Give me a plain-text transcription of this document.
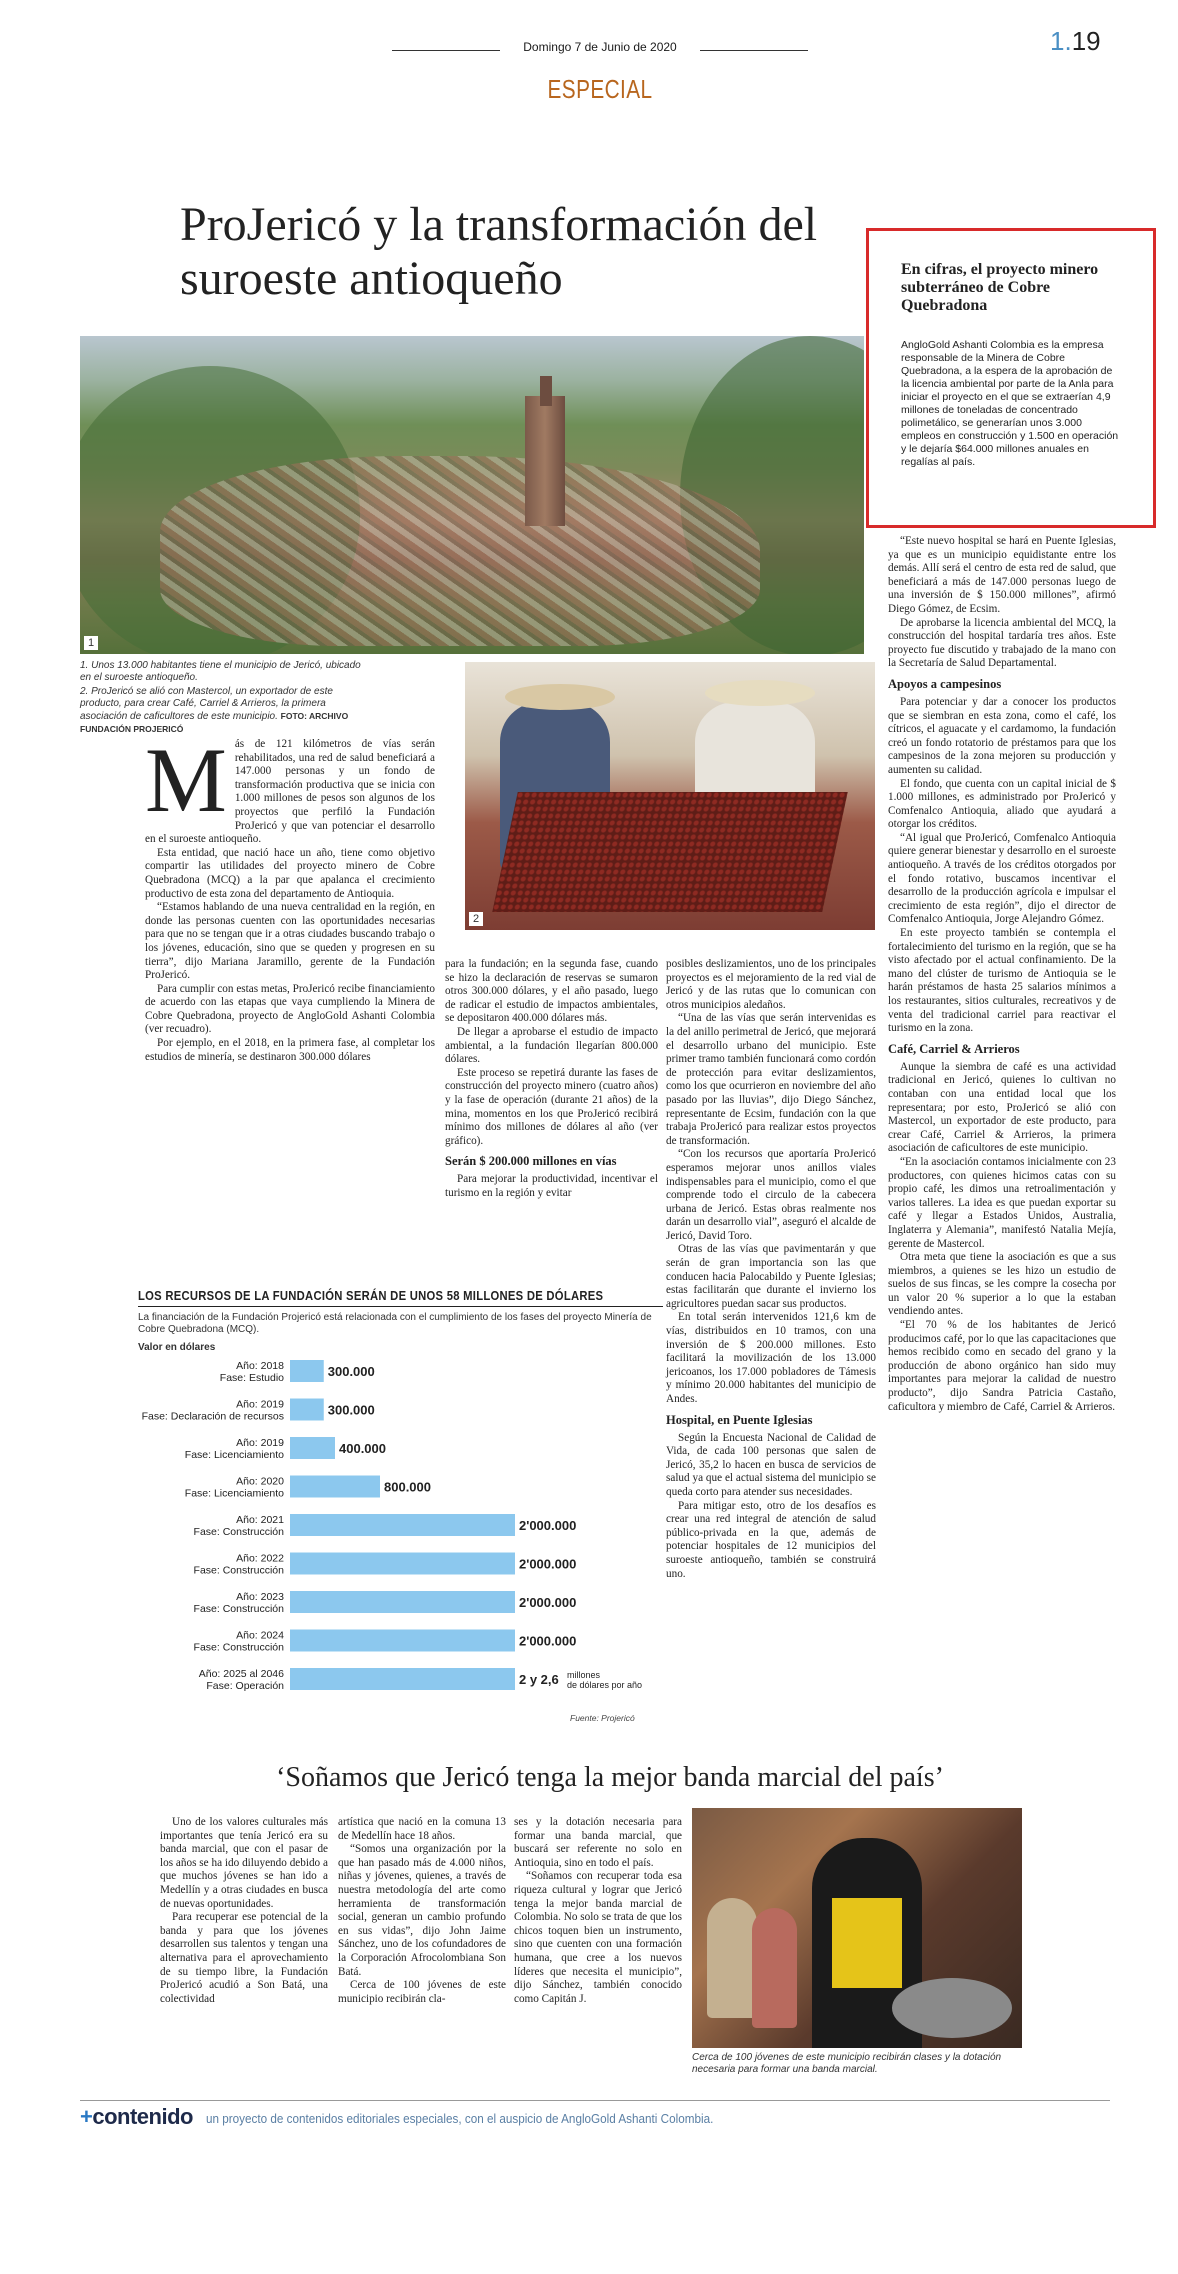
Domingo 7 de Junio de 2020
ESPECIAL
1.19
ProJericó y la transformación del suroeste antioqueño
1
1. Unos 13.000 habitantes tiene el municipio de Jericó, ubicado en el suroeste antioqueño.
2. ProJericó se alió con Mastercol, un exportador de este producto, para crear Café, Carriel & Arrieros, la primera asociación de caficultores de este municipio. FOTO: ARCHIVO FUNDACIÓN PROJERICÓ
2
En cifras, el proyecto minero subterráneo de Cobre Quebradona

AngloGold Ashanti Colombia es la empresa responsable de la Minera de Cobre Quebradona, a la espera de la aprobación de la licencia ambiental por parte de la Anla para iniciar el proyecto en el que se extraerían 4,9 millones de toneladas de concentrado polimetálico, se generarían unos 3.000 empleos en construcción y 1.500 en operación y le dejaría $64.000 millones anuales en regalías al país.

M ás de 121 kilómetros de vías serán rehabilitados, una red de salud beneficiará a 147.000 personas y un fondo de transformación productiva que se inicia con 1.000 millones de pesos son algunos de los proyectos que perfiló la Fundación ProJericó y que van potenciar el desarrollo en el suroeste antioqueño.

Esta entidad, que nació hace un año, tiene como objetivo compartir las utilidades del proyecto minero de Cobre Quebradona (MCQ) a la par que apalanca el crecimiento productivo de esta zona del departamento de Antioquia.

“Estamos hablando de una nueva centralidad en la región, en donde las personas cuenten con las oportunidades necesarias para que no se tengan que ir a otras ciudades buscando trabajo o los jóvenes, educación, sino que se queden y progresen en su tierra”, dijo Mariana Jaramillo, gerente de la Fundación ProJericó.

Para cumplir con estas metas, ProJericó recibe financiamiento de acuerdo con las etapas que vaya cumpliendo la Minera de Cobre Quebradona, proyecto de AngloGold Ashanti Colombia (ver recuadro).

Por ejemplo, en el 2018, en la primera fase, al completar los estudios de minería, se destinaron 300.000 dólares

para la fundación; en la segunda fase, cuando se hizo la declaración de reservas se sumaron otros 300.000 dólares, y el año pasado, luego de radicar el estudio de impactos ambientales, se depositaron 400.000 dólares más.

De llegar a aprobarse el estudio de impacto ambiental, a la fundación llegarían 800.000 dólares.

Este proceso se repetirá durante las fases de construcción del proyecto minero (cuatro años) y la fase de operación (durante 21 años) de la mina, momentos en los que ProJericó recibirá mínimo dos millones de dólares al año (ver gráfico).

Serán $ 200.000 millones en vías

Para mejorar la productividad, incentivar el turismo en la región y evitar

posibles deslizamientos, uno de los principales proyectos es el mejoramiento de la red vial de Jericó y de las rutas que lo comunican con otros municipios aledaños.

“Una de las vías que serán intervenidas es la del anillo perimetral de Jericó, que mejorará el desarrollo urbano del municipio. Este primer tramo también funcionará como cordón de protección para evitar deslizamientos, como los que ocurrieron en noviembre del año pasado por las lluvias”, dijo Diego Sánchez, representante de Ecsim, fundación con la que trabaja ProJericó para realizar estos proyectos de transformación.

“Con los recursos que aportaría ProJericó esperamos mejorar unos anillos viales indispensables para el municipio, como el que comprende todo el circulo de la cabecera urbana de Jericó. Estas obras realmente nos darán un desarrollo vial”, aseguró el alcalde de Jericó, David Toro.

Otras de las vías que pavimentarán y que serán de gran importancia son las que conducen hacia Palocabildo y Puente Iglesias; estas facilitarán que durante el invierno los agricultores puedan sacar sus productos.

En total serán intervenidos 121,6 km de vías, distribuidos en 10 tramos, con una inversión de $ 200.000 millones. Esto facilitará la movilización de los 13.000 jericoanos, los 17.000 pobladores de Támesis y mínimo 20.000 habitantes del municipio de Andes.

Hospital, en Puente Iglesias

Según la Encuesta Nacional de Calidad de Vida, de cada 100 personas que salen de Jericó, 35,2 lo hacen en busca de servicios de salud ya que el actual sistema del municipio se queda corto para atender sus necesidades.

Para mitigar esto, otro de los desafíos es crear una red integral de atención de salud público-privada en la que, además de potenciar hospitales de 12 municipios del suroeste antioqueño, también se construirá uno.

“Este nuevo hospital se hará en Puente Iglesias, ya que es un municipio equidistante entre los demás. Allí será el centro de esta red de salud, que beneficiará a más de 147.000 personas luego de una inversión de $ 150.000 millones”, afirmó Diego Gómez, de Ecsim.

De aprobarse la licencia ambiental del MCQ, la construcción del hospital tardaría tres años. Este proyecto fue discutido y trabajado de la mano con la Secretaría de Salud Departamental.

Apoyos a campesinos

Para potenciar y dar a conocer los productos que se siembran en esta zona, como el café, los cítricos, el aguacate y el cardamomo, la fundación creó un fondo rotatorio de préstamos para que los campesinos de la zona mejoren su producción y aumenten su calidad.

El fondo, que cuenta con un capital inicial de $ 1.000 millones, es administrado por ProJericó y Comfenalco Antioquia, aliado que ayudará a otorgar los créditos.

“Al igual que ProJericó, Comfenalco Antioquia quiere generar bienestar y desarrollo en el suroeste antioqueño. A través de los créditos otorgados por el fondo rotativo, buscamos incentivar el desarrollo de la producción agrícola e impulsar el crecimiento de esta región”, dijo el director de Comfenalco Antioquia, Jorge Alejandro Gómez.

En este proyecto también se contempla el fortalecimiento del turismo en la región, que se ha visto afectado por el actual confinamiento. De la mano del clúster de turismo de Antioquia se le harán préstamos de hasta 25 salarios mínimos a los restaurantes, sitios culturales, recreativos y de venta del tradicional carriel para reactivar el turismo en la zona.

Café, Carriel & Arrieros

Aunque la siembra de café es una actividad tradicional en Jericó, quienes lo cultivan no contaban con una entidad local que los representara; por esto, ProJericó se alió con Mastercol, un exportador de este producto, para crear Café, Carriel & Arrieros, la primera asociación de caficultores de este municipio.

“En la asociación contamos inicialmente con 23 productores, con quienes hicimos catas con su propio café, les dimos una retroalimentación y varios talleres. La idea es que puedan exportar su café y llegar a Estados Unidos, Australia, Inglaterra y Alemania”, manifestó Natalia Mejía, gerente de Mastercol.

Otra meta que tiene la asociación es que a sus miembros, a quienes se les hizo un estudio de suelos de sus fincas, se les compre la cosecha por un valor 20 % superior a lo que la estaban vendiendo antes.

“El 70 % de los habitantes de Jericó producimos café, por lo que las capacitaciones que hemos recibido como en secado del grano y la producción de abono orgánico han sido muy importantes para mejorar la calidad de nuestro producto”, dijo Sandra Patricia Castaño, caficultora y miembro de Café, Carriel & Arrieros.

LOS RECURSOS DE LA FUNDACIÓN SERÁN DE UNOS 58 MILLONES DE DÓLARES
La financiación de la Fundación Projericó está relacionada con el cumplimiento de los fases del proyecto Minería de Cobre Quebradona (MCQ).
Valor en dólares
Año: 2018
Fase: Estudio	300.000
Año: 2019
Fase: Declaración de recursos	300.000
Año: 2019
Fase: Licenciamiento	400.000
Año: 2020
Fase: Licenciamiento	800.000
Año: 2021
Fase: Construcción	2'000.000
Año: 2022
Fase: Construcción	2'000.000
Año: 2023
Fase: Construcción	2'000.000
Año: 2024
Fase: Construcción	2'000.000
Año: 2025 al 2046
Fase: Operación	2 y 2,6 millones
de dólares por año
Fuente: Projericó
‘Soñamos que Jericó tenga la mejor banda marcial del país’

Uno de los valores culturales más importantes que tenía Jericó era su banda marcial, que con el pasar de los años se ha ido diluyendo debido a que muchos jóvenes se han ido a Medellín y a otras ciudades en busca de nuevas oportunidades.

Para recuperar ese potencial de la banda y para que los jóvenes desarrollen sus talentos y tengan una alternativa para el aprovechamiento de su tiempo libre, la Fundación ProJericó acudió a Son Batá, una colectividad

artística que nació en la comuna 13 de Medellín hace 18 años.

“Somos una organización por la que han pasado más de 4.000 niños, niñas y jóvenes, quienes, a través de nuestra metodología del arte como herramienta de transformación social, generan un cambio profundo en sus vidas”, dijo John Jaime Sánchez, uno de los cofundadores de la Corporación Afrocolombiana Son Batá.

Cerca de 100 jóvenes de este municipio recibirán cla-

ses y la dotación necesaria para formar una banda marcial, que buscará ser referente no solo en Antioquia, sino en todo el país.

“Soñamos con recuperar toda esa riqueza cultural y lograr que Jericó tenga la mejor banda marcial de Colombia. No solo se trata de que los chicos toquen bien un instrumento, sino que cuenten con una formación humana, que cree a los nuevos líderes que necesita el municipio”, dijo Sánchez, también conocido como Capitán J.

Cerca de 100 jóvenes de este municipio recibirán clases y la dotación necesaria para formar una banda marcial.
+contenido un proyecto de contenidos editoriales especiales, con el auspicio de AngloGold Ashanti Colombia.
